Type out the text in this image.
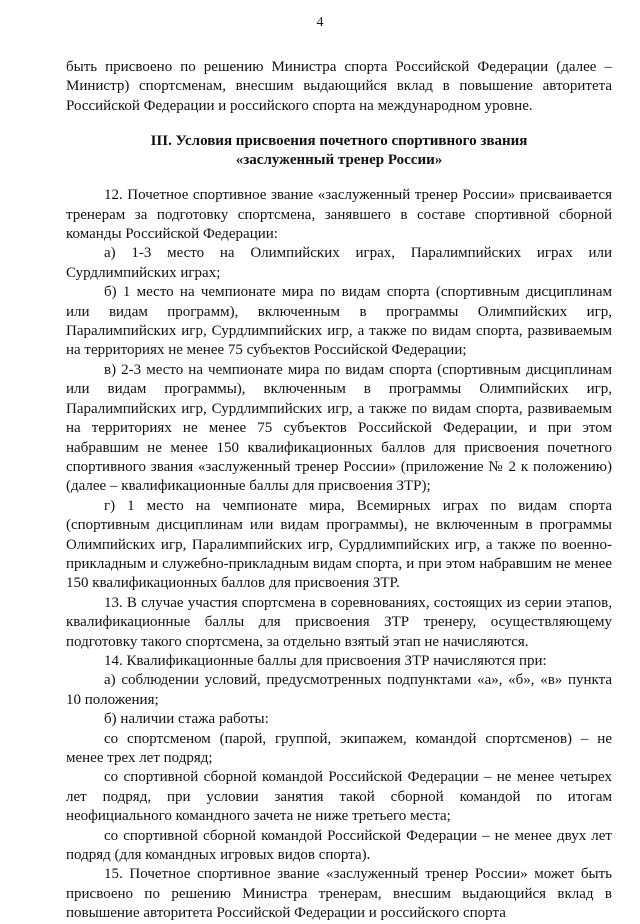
4

быть присвоено по решению Министра спорта Российской Федерации (далее – Министр) спортсменам, внесшим выдающийся вклад в повышение авторитета Российской Федерации и российского спорта на международном уровне.

III. Условия присвоения почетного спортивного звания
«заслуженный тренер России»

12. Почетное спортивное звание «заслуженный тренер России» присваивается тренерам за подготовку спортсмена, занявшего в составе спортивной сборной команды Российской Федерации:

а) 1-3 место на Олимпийских играх, Паралимпийских играх или Сурдлимпийских играх;

б) 1 место на чемпионате мира по видам спорта (спортивным дисциплинам или видам программ), включенным в программы Олимпийских игр, Паралимпийских игр, Сурдлимпийских игр, а также по видам спорта, развиваемым на территориях не менее 75 субъектов Российской Федерации;

в) 2-3 место на чемпионате мира по видам спорта (спортивным дисциплинам или видам программы), включенным в программы Олимпийских игр, Паралимпийских игр, Сурдлимпийских игр, а также по видам спорта, развиваемым на территориях не менее 75 субъектов Российской Федерации, и при этом набравшим не менее 150 квалификационных баллов для присвоения почетного спортивного звания «заслуженный тренер России» (приложение № 2 к положению) (далее – квалификационные баллы для присвоения ЗТР);

г) 1 место на чемпионате мира, Всемирных играх по видам спорта (спортивным дисциплинам или видам программы), не включенным в программы Олимпийских игр, Паралимпийских игр, Сурдлимпийских игр, а также по военно-прикладным и служебно-прикладным видам спорта, и при этом набравшим не менее 150 квалификационных баллов для присвоения ЗТР.

13. В случае участия спортсмена в соревнованиях, состоящих из серии этапов, квалификационные баллы для присвоения ЗТР тренеру, осуществляющему подготовку такого спортсмена, за отдельно взятый этап не начисляются.

14. Квалификационные баллы для присвоения ЗТР начисляются при:

а) соблюдении условий, предусмотренных подпунктами «а», «б», «в» пункта 10 положения;

б) наличии стажа работы:

со спортсменом (парой, группой, экипажем, командой спортсменов) – не менее трех лет подряд;

со спортивной сборной командой Российской Федерации – не менее четырех лет подряд, при условии занятия такой сборной командой по итогам неофициального командного зачета не ниже третьего места;

со спортивной сборной командой Российской Федерации – не менее двух лет подряд (для командных игровых видов спорта).

15. Почетное спортивное звание «заслуженный тренер России» может быть присвоено по решению Министра тренерам, внесшим выдающийся вклад в повышение авторитета Российской Федерации и российского спорта
